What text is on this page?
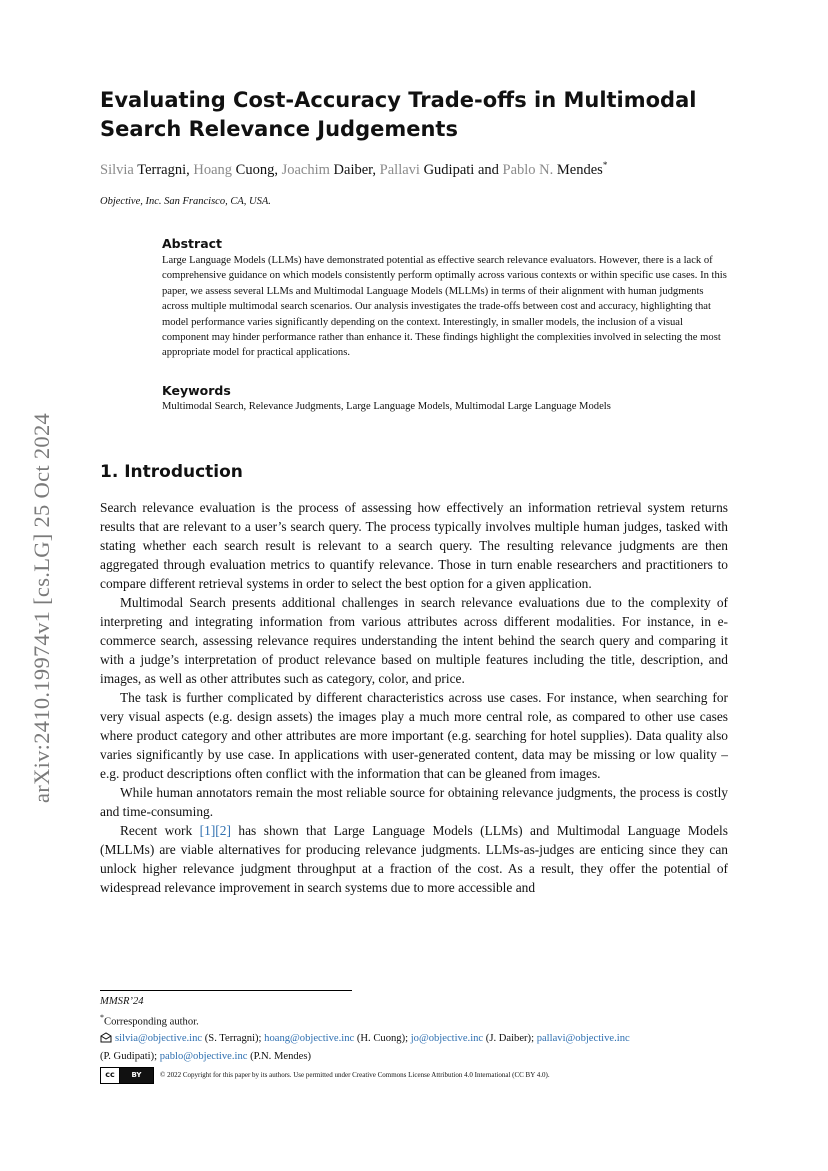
arXiv:2410.19974v1 [cs.LG] 25 Oct 2024
Evaluating Cost-Accuracy Trade-offs in Multimodal Search Relevance Judgements
Silvia Terragni, Hoang Cuong, Joachim Daiber, Pallavi Gudipati and Pablo N. Mendes*
Objective, Inc. San Francisco, CA, USA.
Abstract

Large Language Models (LLMs) have demonstrated potential as effective search relevance evaluators. However, there is a lack of comprehensive guidance on which models consistently perform optimally across various contexts or within specific use cases. In this paper, we assess several LLMs and Multimodal Language Models (MLLMs) in terms of their alignment with human judgments across multiple multimodal search scenarios. Our analysis investigates the trade-offs between cost and accuracy, highlighting that model performance varies significantly depending on the context. Interestingly, in smaller models, the inclusion of a visual component may hinder performance rather than enhance it. These findings highlight the complexities involved in selecting the most appropriate model for practical applications.

Keywords

Multimodal Search, Relevance Judgments, Large Language Models, Multimodal Large Language Models

1. Introduction

Search relevance evaluation is the process of assessing how effectively an information retrieval system returns results that are relevant to a user’s search query. The process typically involves multiple human judges, tasked with stating whether each search result is relevant to a search query. The resulting relevance judgments are then aggregated through evaluation metrics to quantify relevance. Those in turn enable researchers and practitioners to compare different retrieval systems in order to select the best option for a given application.

Multimodal Search presents additional challenges in search relevance evaluations due to the complexity of interpreting and integrating information from various attributes across different modalities. For instance, in e-commerce search, assessing relevance requires understanding the intent behind the search query and comparing it with a judge’s interpretation of product relevance based on multiple features including the title, description, and images, as well as other attributes such as category, color, and price.

The task is further complicated by different characteristics across use cases. For instance, when searching for very visual aspects (e.g. design assets) the images play a much more central role, as compared to other use cases where product category and other attributes are more important (e.g. searching for hotel supplies). Data quality also varies significantly by use case. In applications with user-generated content, data may be missing or low quality – e.g. product descriptions often conflict with the information that can be gleaned from images.

While human annotators remain the most reliable source for obtaining relevance judgments, the process is costly and time-consuming.

Recent work [1][2] has shown that Large Language Models (LLMs) and Multimodal Language Models (MLLMs) are viable alternatives for producing relevance judgments. LLMs-as-judges are enticing since they can unlock higher relevance judgment throughput at a fraction of the cost. As a result, they offer the potential of widespread relevance improvement in search systems due to more accessible and

MMSR’24
*Corresponding author.
silvia@objective.inc (S. Terragni); hoang@objective.inc (H. Cuong); jo@objective.inc (J. Daiber); pallavi@objective.inc
(P. Gudipati); pablo@objective.inc (P.N. Mendes)
cc	BY	© 2022 Copyright for this paper by its authors. Use permitted under Creative Commons License Attribution 4.0 International (CC BY 4.0).
